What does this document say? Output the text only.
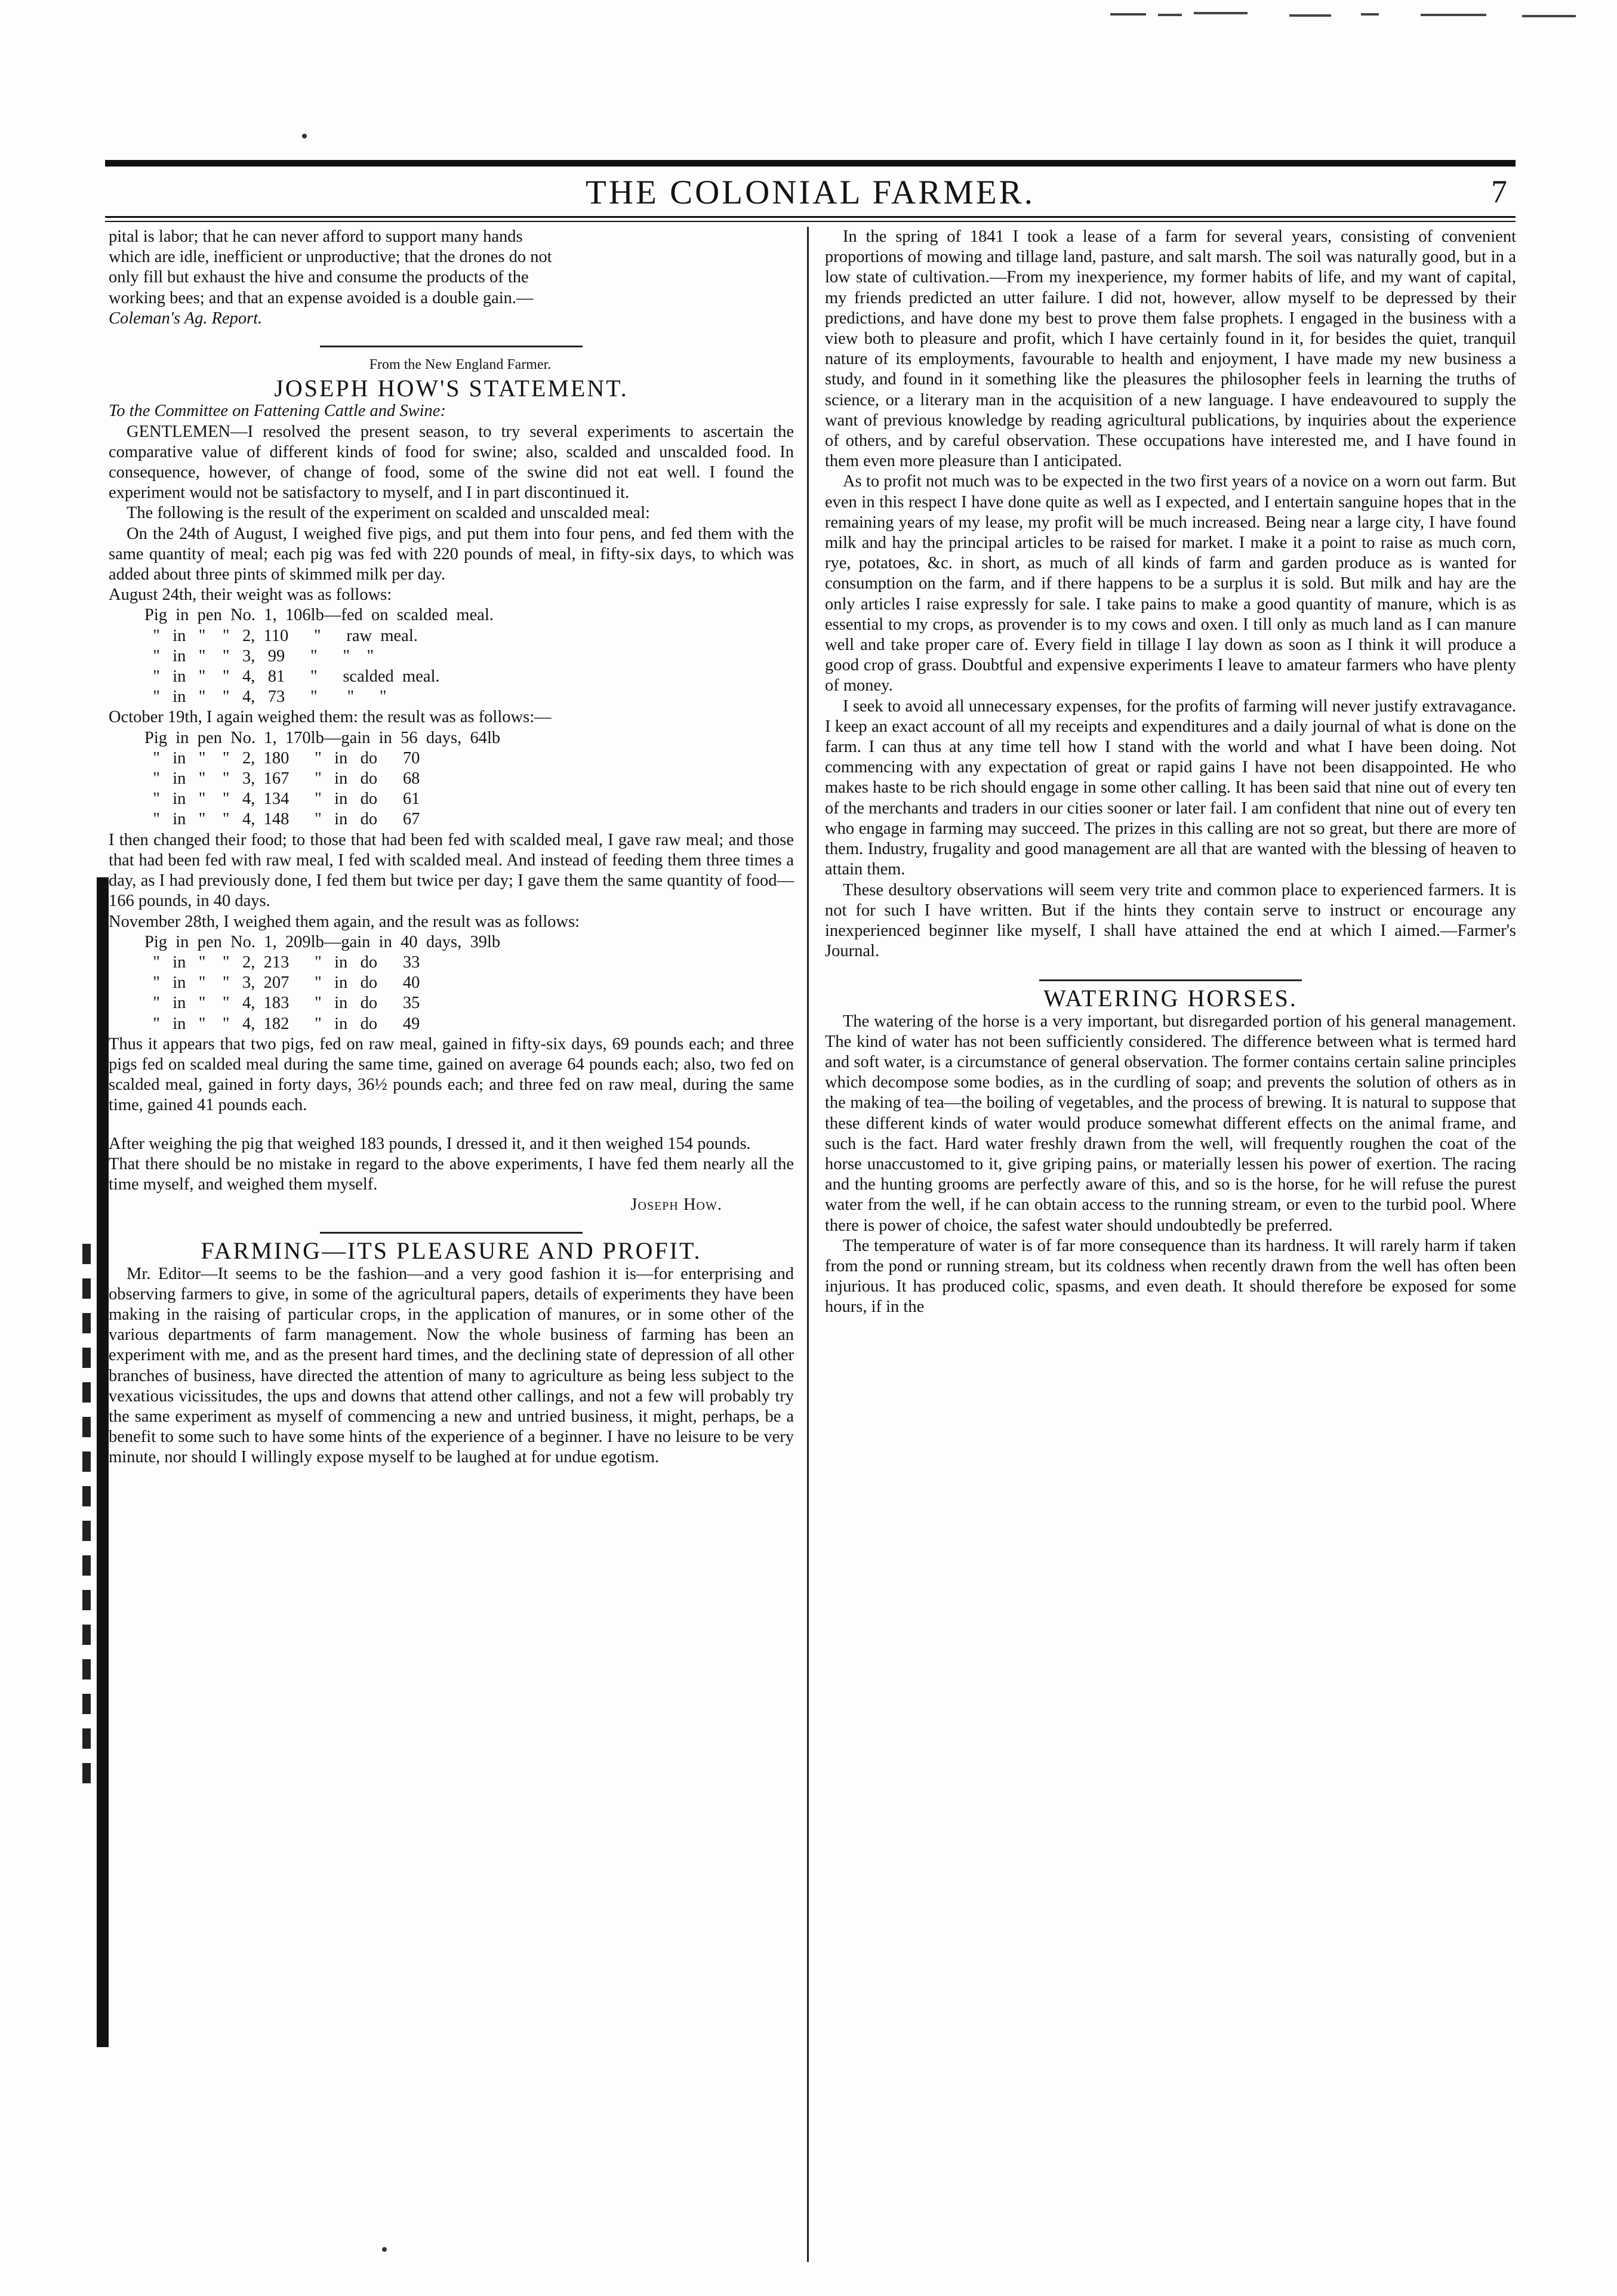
THE COLONIAL FARMER.	7

pital is labor; that he can never afford to support many hands

which are idle, inefficient or unproductive; that the drones do not

only fill but exhaust the hive and consume the products of the

working bees; and that an expense avoided is a double gain.—

Coleman's Ag. Report.

From the New England Farmer.

JOSEPH HOW'S STATEMENT.

To the Committee on Fattening Cattle and Swine:

GENTLEMEN—I resolved the present season, to try several experiments to ascertain the comparative value of different kinds of food for swine; also, scalded and unscalded food. In consequence, however, of change of food, some of the swine did not eat well. I found the experiment would not be satisfactory to myself, and I in part discontinued it.

The following is the result of the experiment on scalded and unscalded meal:

On the 24th of August, I weighed five pigs, and put them into four pens, and fed them with the same quantity of meal; each pig was fed with 220 pounds of meal, in fifty-six days, to which was added about three pints of skimmed milk per day.

August 24th, their weight was as follows:

Pig  in  pen  No.  1,  106lb—fed  on  scalded  meal.
"   in   "    "   2,  110      "      raw  meal.
"   in   "    "   3,   99      "      "    "
"   in   "    "   4,   81      "      scalded  meal.
"   in   "    "   4,   73      "       "      "

October 19th, I again weighed them: the result was as follows:—

Pig  in  pen  No.  1,  170lb—gain  in  56  days,  64lb
"   in   "    "   2,  180      "   in   do      70
"   in   "    "   3,  167      "   in   do      68
"   in   "    "   4,  134      "   in   do      61
"   in   "    "   4,  148      "   in   do      67

I then changed their food; to those that had been fed with scalded meal, I gave raw meal; and those that had been fed with raw meal, I fed with scalded meal. And instead of feeding them three times a day, as I had previously done, I fed them but twice per day; I gave them the same quantity of food—166 pounds, in 40 days.

November 28th, I weighed them again, and the result was as follows:

Pig  in  pen  No.  1,  209lb—gain  in  40  days,  39lb
"   in   "    "   2,  213      "   in   do      33
"   in   "    "   3,  207      "   in   do      40
"   in   "    "   4,  183      "   in   do      35
"   in   "    "   4,  182      "   in   do      49

Thus it appears that two pigs, fed on raw meal, gained in fifty-six days, 69 pounds each; and three pigs fed on scalded meal during the same time, gained on average 64 pounds each; also, two fed on scalded meal, gained in forty days, 36½ pounds each; and three fed on raw meal, during the same time, gained 41 pounds each.

After weighing the pig that weighed 183 pounds, I dressed it, and it then weighed 154 pounds.

That there should be no mistake in regard to the above experiments, I have fed them nearly all the time myself, and weighed them myself.

Joseph How.

FARMING—ITS PLEASURE AND PROFIT.

Mr. Editor—It seems to be the fashion—and a very good fashion it is—for enterprising and observing farmers to give, in some of the agricultural papers, details of experiments they have been making in the raising of particular crops, in the application of manures, or in some other of the various departments of farm management. Now the whole business of farming has been an experiment with me, and as the present hard times, and the declining state of depression of all other branches of business, have directed the attention of many to agriculture as being less subject to the vexatious vicissitudes, the ups and downs that attend other callings, and not a few will probably try the same experiment as myself of commencing a new and untried business, it might, perhaps, be a benefit to some such to have some hints of the experience of a beginner. I have no leisure to be very minute, nor should I willingly expose myself to be laughed at for undue egotism.

In the spring of 1841 I took a lease of a farm for several years, consisting of convenient proportions of mowing and tillage land, pasture, and salt marsh. The soil was naturally good, but in a low state of cultivation.—From my inexperience, my former habits of life, and my want of capital, my friends predicted an utter failure. I did not, however, allow myself to be depressed by their predictions, and have done my best to prove them false prophets. I engaged in the business with a view both to pleasure and profit, which I have certainly found in it, for besides the quiet, tranquil nature of its employments, favourable to health and enjoyment, I have made my new business a study, and found in it something like the pleasures the philosopher feels in learning the truths of science, or a literary man in the acquisition of a new language. I have endeavoured to supply the want of previous knowledge by reading agricultural publications, by inquiries about the experience of others, and by careful observation. These occupations have interested me, and I have found in them even more pleasure than I anticipated.

As to profit not much was to be expected in the two first years of a novice on a worn out farm. But even in this respect I have done quite as well as I expected, and I entertain sanguine hopes that in the remaining years of my lease, my profit will be much increased. Being near a large city, I have found milk and hay the principal articles to be raised for market. I make it a point to raise as much corn, rye, potatoes, &c. in short, as much of all kinds of farm and garden produce as is wanted for consumption on the farm, and if there happens to be a surplus it is sold. But milk and hay are the only articles I raise expressly for sale. I take pains to make a good quantity of manure, which is as essential to my crops, as provender is to my cows and oxen. I till only as much land as I can manure well and take proper care of. Every field in tillage I lay down as soon as I think it will produce a good crop of grass. Doubtful and expensive experiments I leave to amateur farmers who have plenty of money.

I seek to avoid all unnecessary expenses, for the profits of farming will never justify extravagance. I keep an exact account of all my receipts and expenditures and a daily journal of what is done on the farm. I can thus at any time tell how I stand with the world and what I have been doing. Not commencing with any expectation of great or rapid gains I have not been disappointed. He who makes haste to be rich should engage in some other calling. It has been said that nine out of every ten of the merchants and traders in our cities sooner or later fail. I am confident that nine out of every ten who engage in farming may succeed. The prizes in this calling are not so great, but there are more of them. Industry, frugality and good management are all that are wanted with the blessing of heaven to attain them.

These desultory observations will seem very trite and common place to experienced farmers. It is not for such I have written. But if the hints they contain serve to instruct or encourage any inexperienced beginner like myself, I shall have attained the end at which I aimed.—Farmer's Journal.

WATERING HORSES.

The watering of the horse is a very important, but disregarded portion of his general management. The kind of water has not been sufficiently considered. The difference between what is termed hard and soft water, is a circumstance of general observation. The former contains certain saline principles which decompose some bodies, as in the curdling of soap; and prevents the solution of others as in the making of tea—the boiling of vegetables, and the process of brewing. It is natural to suppose that these different kinds of water would produce somewhat different effects on the animal frame, and such is the fact. Hard water freshly drawn from the well, will frequently roughen the coat of the horse unaccustomed to it, give griping pains, or materially lessen his power of exertion. The racing and the hunting grooms are perfectly aware of this, and so is the horse, for he will refuse the purest water from the well, if he can obtain access to the running stream, or even to the turbid pool. Where there is power of choice, the safest water should undoubtedly be preferred.

The temperature of water is of far more consequence than its hardness. It will rarely harm if taken from the pond or running stream, but its coldness when recently drawn from the well has often been injurious. It has produced colic, spasms, and even death. It should therefore be exposed for some hours, if in the
